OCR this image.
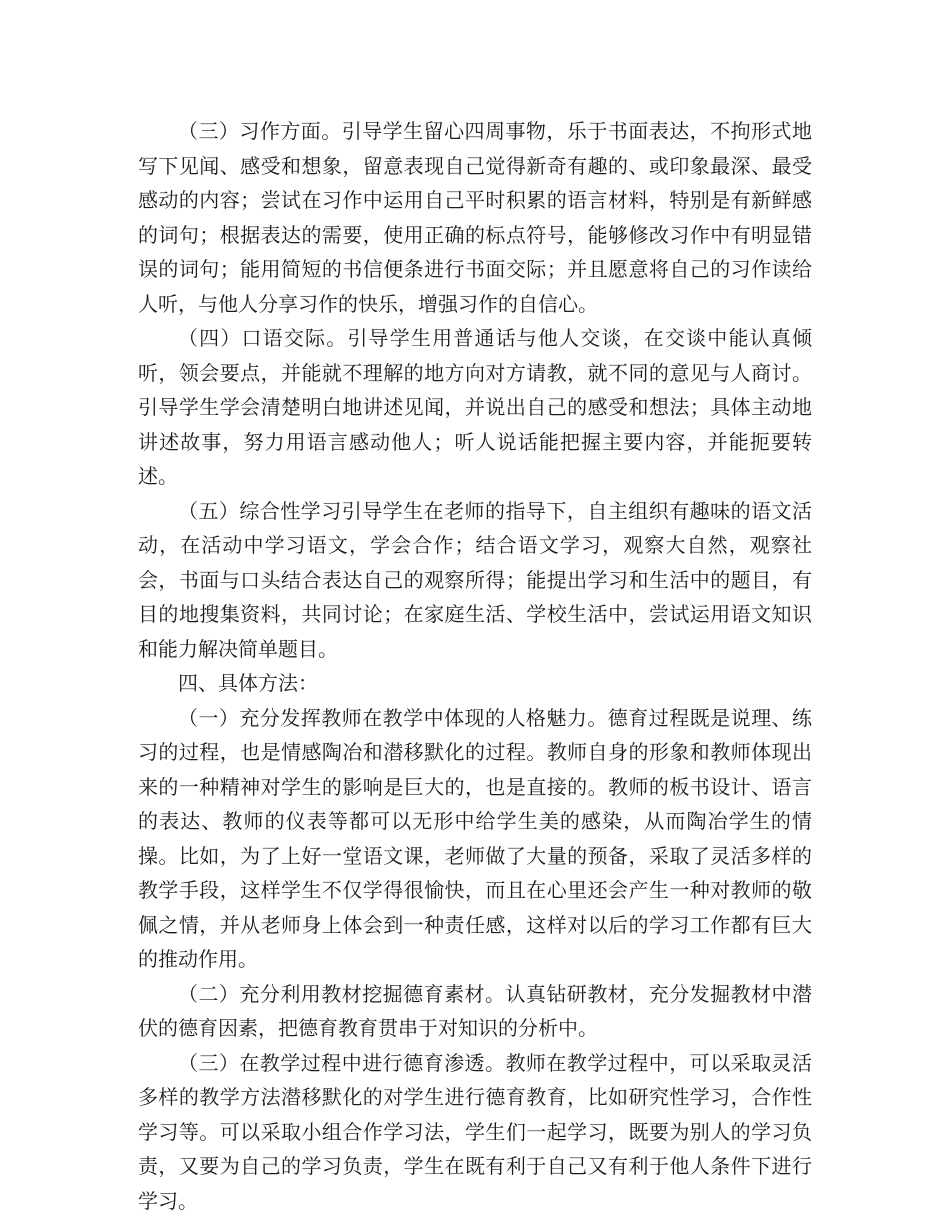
（三）习作方面。引导学生留心四周事物，乐于书面表达，不拘形式地写下见闻、感受和想象，留意表现自己觉得新奇有趣的、或印象最深、最受感动的内容；尝试在习作中运用自己平时积累的语言材料，特别是有新鲜感的词句；根据表达的需要，使用正确的标点符号，能够修改习作中有明显错误的词句；能用简短的书信便条进行书面交际；并且愿意将自己的习作读给人听，与他人分享习作的快乐，增强习作的自信心。

（四）口语交际。引导学生用普通话与他人交谈，在交谈中能认真倾听，领会要点，并能就不理解的地方向对方请教，就不同的意见与人商讨。引导学生学会清楚明白地讲述见闻，并说出自己的感受和想法；具体主动地讲述故事，努力用语言感动他人；听人说话能把握主要内容，并能扼要转述。

（五）综合性学习引导学生在老师的指导下，自主组织有趣味的语文活动，在活动中学习语文，学会合作；结合语文学习，观察大自然，观察社会，书面与口头结合表达自己的观察所得；能提出学习和生活中的题目，有目的地搜集资料，共同讨论；在家庭生活、学校生活中，尝试运用语文知识和能力解决简单题目。

四、具体方法：

（一）充分发挥教师在教学中体现的人格魅力。德育过程既是说理、练习的过程，也是情感陶冶和潜移默化的过程。教师自身的形象和教师体现出来的一种精神对学生的影响是巨大的，也是直接的。教师的板书设计、语言的表达、教师的仪表等都可以无形中给学生美的感染，从而陶冶学生的情操。比如，为了上好一堂语文课，老师做了大量的预备，采取了灵活多样的教学手段，这样学生不仅学得很愉快，而且在心里还会产生一种对教师的敬佩之情，并从老师身上体会到一种责任感，这样对以后的学习工作都有巨大的推动作用。

（二）充分利用教材挖掘德育素材。认真钻研教材，充分发掘教材中潜伏的德育因素，把德育教育贯串于对知识的分析中。

（三）在教学过程中进行德育渗透。教师在教学过程中，可以采取灵活多样的教学方法潜移默化的对学生进行德育教育，比如研究性学习，合作性学习等。可以采取小组合作学习法，学生们一起学习，既要为别人的学习负责，又要为自己的学习负责，学生在既有利于自己又有利于他人条件下进行学习。
